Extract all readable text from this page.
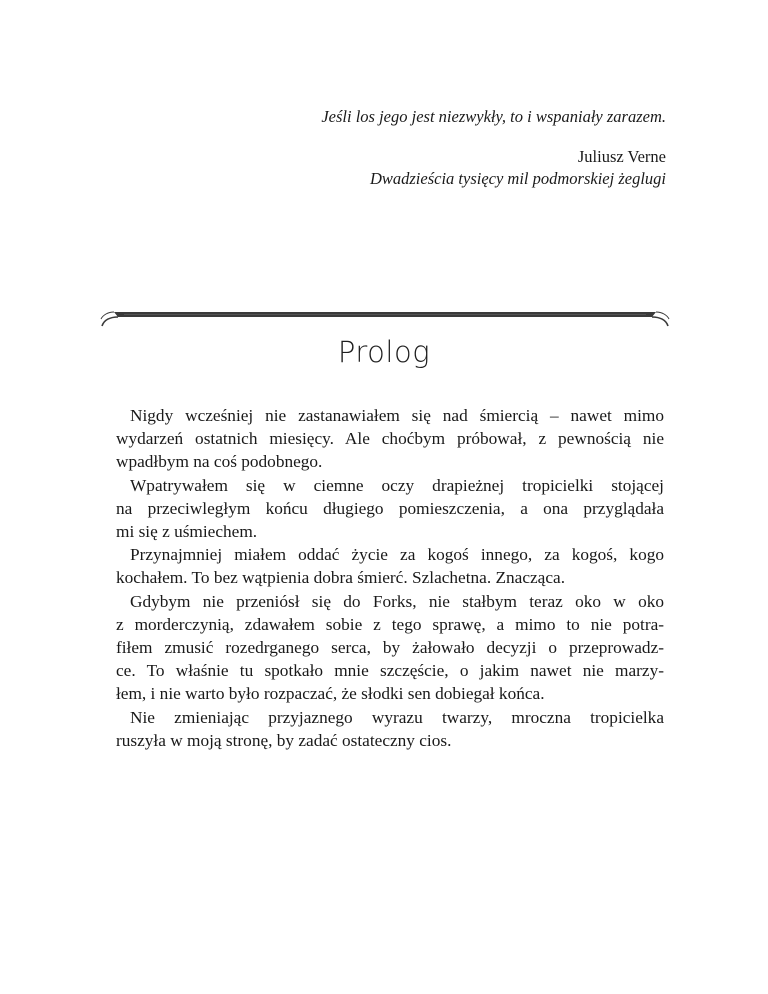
Jeśli los jego jest niezwykły, to i wspaniały zarazem.
Juliusz Verne
Dwadzieścia tysięcy mil podmorskiej żeglugi
Prolog
Nigdy wcześniej nie zastanawiałem się nad śmiercią – nawet mimo
wydarzeń ostatnich miesięcy. Ale choćbym próbował, z pewnością nie
wpadłbym na coś podobnego.
Wpatrywałem się w ciemne oczy drapieżnej tropicielki stojącej
na przeciwległym końcu długiego pomieszczenia, a ona przyglądała
mi się z uśmiechem.
Przynajmniej miałem oddać życie za kogoś innego, za kogoś, kogo
kochałem. To bez wątpienia dobra śmierć. Szlachetna. Znacząca.
Gdybym nie przeniósł się do Forks, nie stałbym teraz oko w oko
z morderczynią, zdawałem sobie z tego sprawę, a mimo to nie potra-
fiłem zmusić rozedrganego serca, by żałowało decyzji o przeprowadz-
ce. To właśnie tu spotkało mnie szczęście, o jakim nawet nie marzy-
łem, i nie warto było rozpaczać, że słodki sen dobiegał końca.
Nie zmieniając przyjaznego wyrazu twarzy, mroczna tropicielka
ruszyła w moją stronę, by zadać ostateczny cios.
